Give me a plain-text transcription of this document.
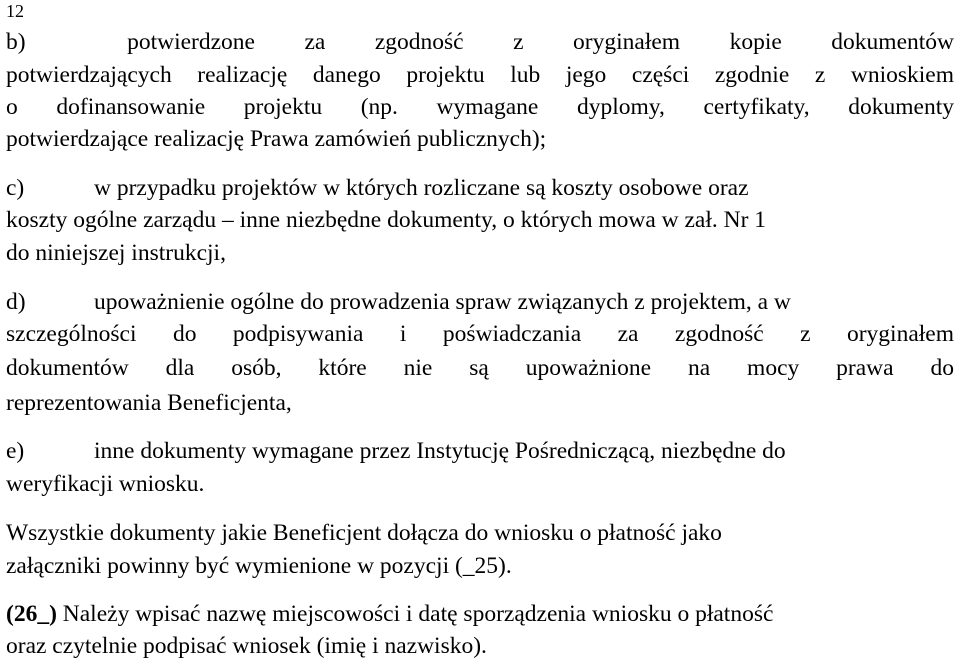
12
b)	potwierdzone za zgodność z oryginałem kopie dokumentów
potwierdzających realizację danego projektu lub jego części zgodnie z wnioskiem
o dofinansowanie projektu (np. wymagane dyplomy, certyfikaty, dokumenty
potwierdzające realizację Prawa zamówień publicznych);
c)	w przypadku projektów w których rozliczane są koszty osobowe oraz
koszty ogólne zarządu – inne niezbędne dokumenty, o których mowa w zał. Nr 1
do niniejszej instrukcji,
d)	upoważnienie ogólne do prowadzenia spraw związanych z projektem, a w
szczególności do podpisywania i poświadczania za zgodność z oryginałem
dokumentów dla osób, które nie są upoważnione na mocy prawa do
reprezentowania Beneficjenta,
e)	inne dokumenty wymagane przez Instytucję Pośredniczącą, niezbędne do
weryfikacji wniosku.
Wszystkie dokumenty jakie Beneficjent dołącza do wniosku o płatność jako
załączniki powinny być wymienione w pozycji (_25).
(26_) Należy wpisać nazwę miejscowości i datę sporządzenia wniosku o płatność
oraz czytelnie podpisać wniosek (imię i nazwisko).
